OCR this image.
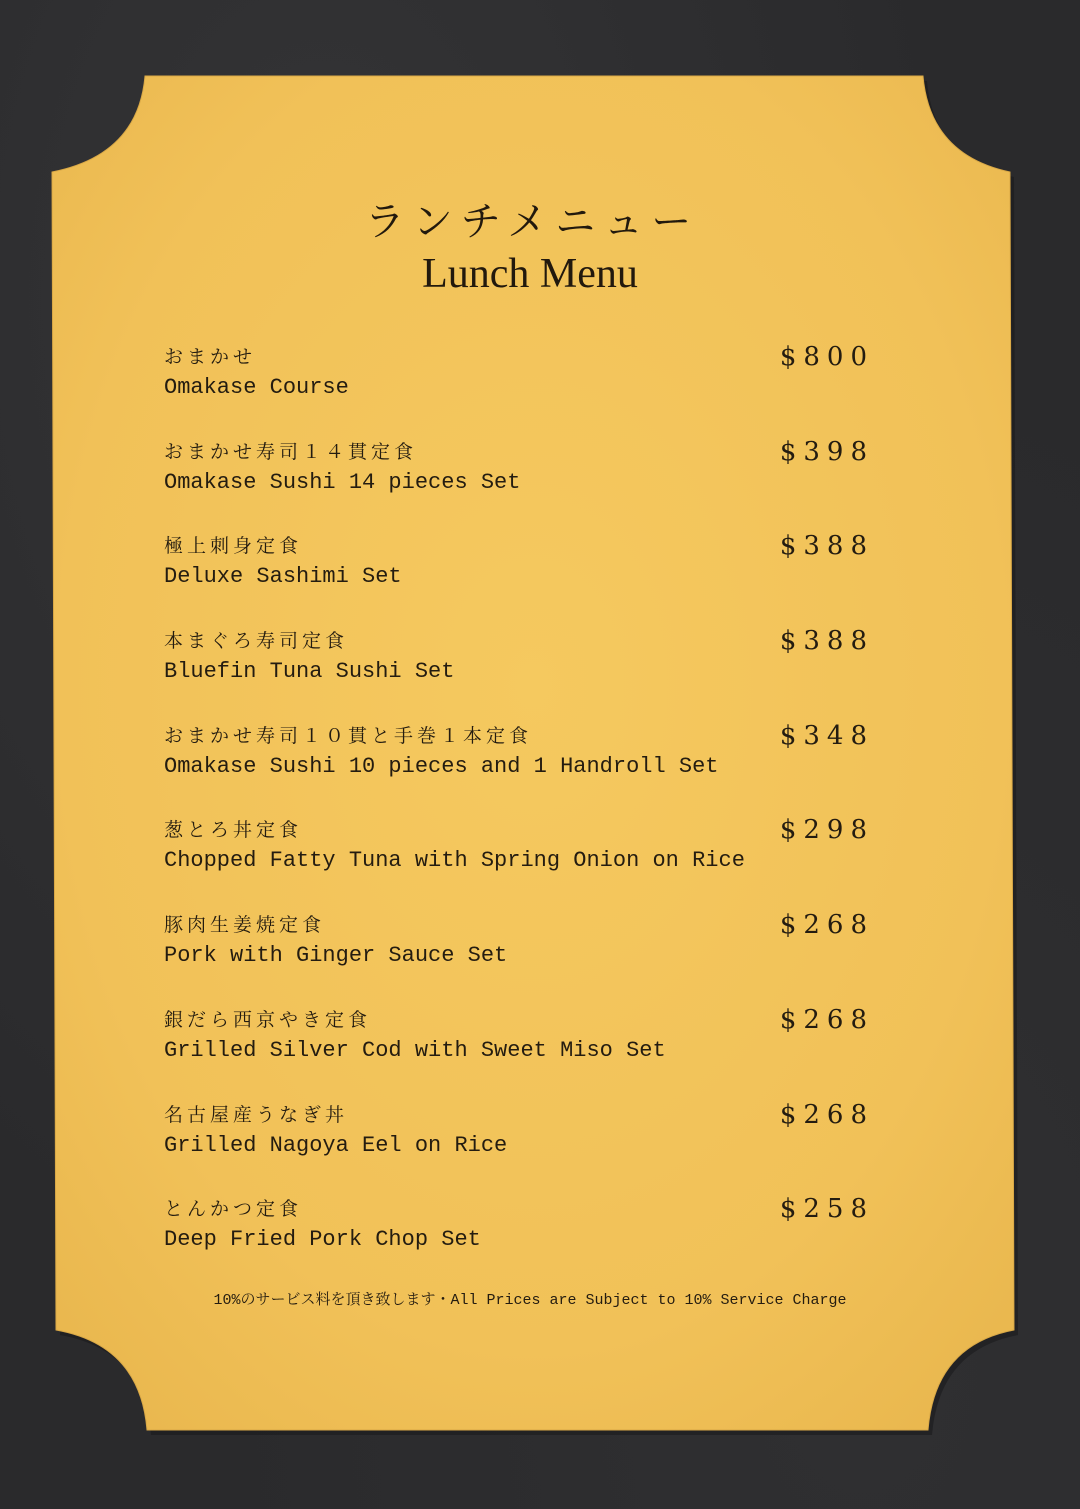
ランチメニュー
Lunch Menu
おまかせ
Omakase Course
$800
おまかせ寿司１４貫定食
Omakase Sushi 14 pieces Set
$398
極上刺身定食
Deluxe Sashimi Set
$388
本まぐろ寿司定食
Bluefin Tuna Sushi Set
$388
おまかせ寿司１０貫と手巻１本定食
Omakase Sushi 10 pieces and 1 Handroll Set
$348
葱とろ丼定食
Chopped Fatty Tuna with Spring Onion on Rice
$298
豚肉生姜焼定食
Pork with Ginger Sauce Set
$268
銀だら西京やき定食
Grilled Silver Cod with Sweet Miso Set
$268
名古屋産うなぎ丼
Grilled Nagoya Eel on Rice
$268
とんかつ定食
Deep Fried Pork Chop Set
$258
10%のサービス料を頂き致します・All Prices are Subject to 10% Service Charge
